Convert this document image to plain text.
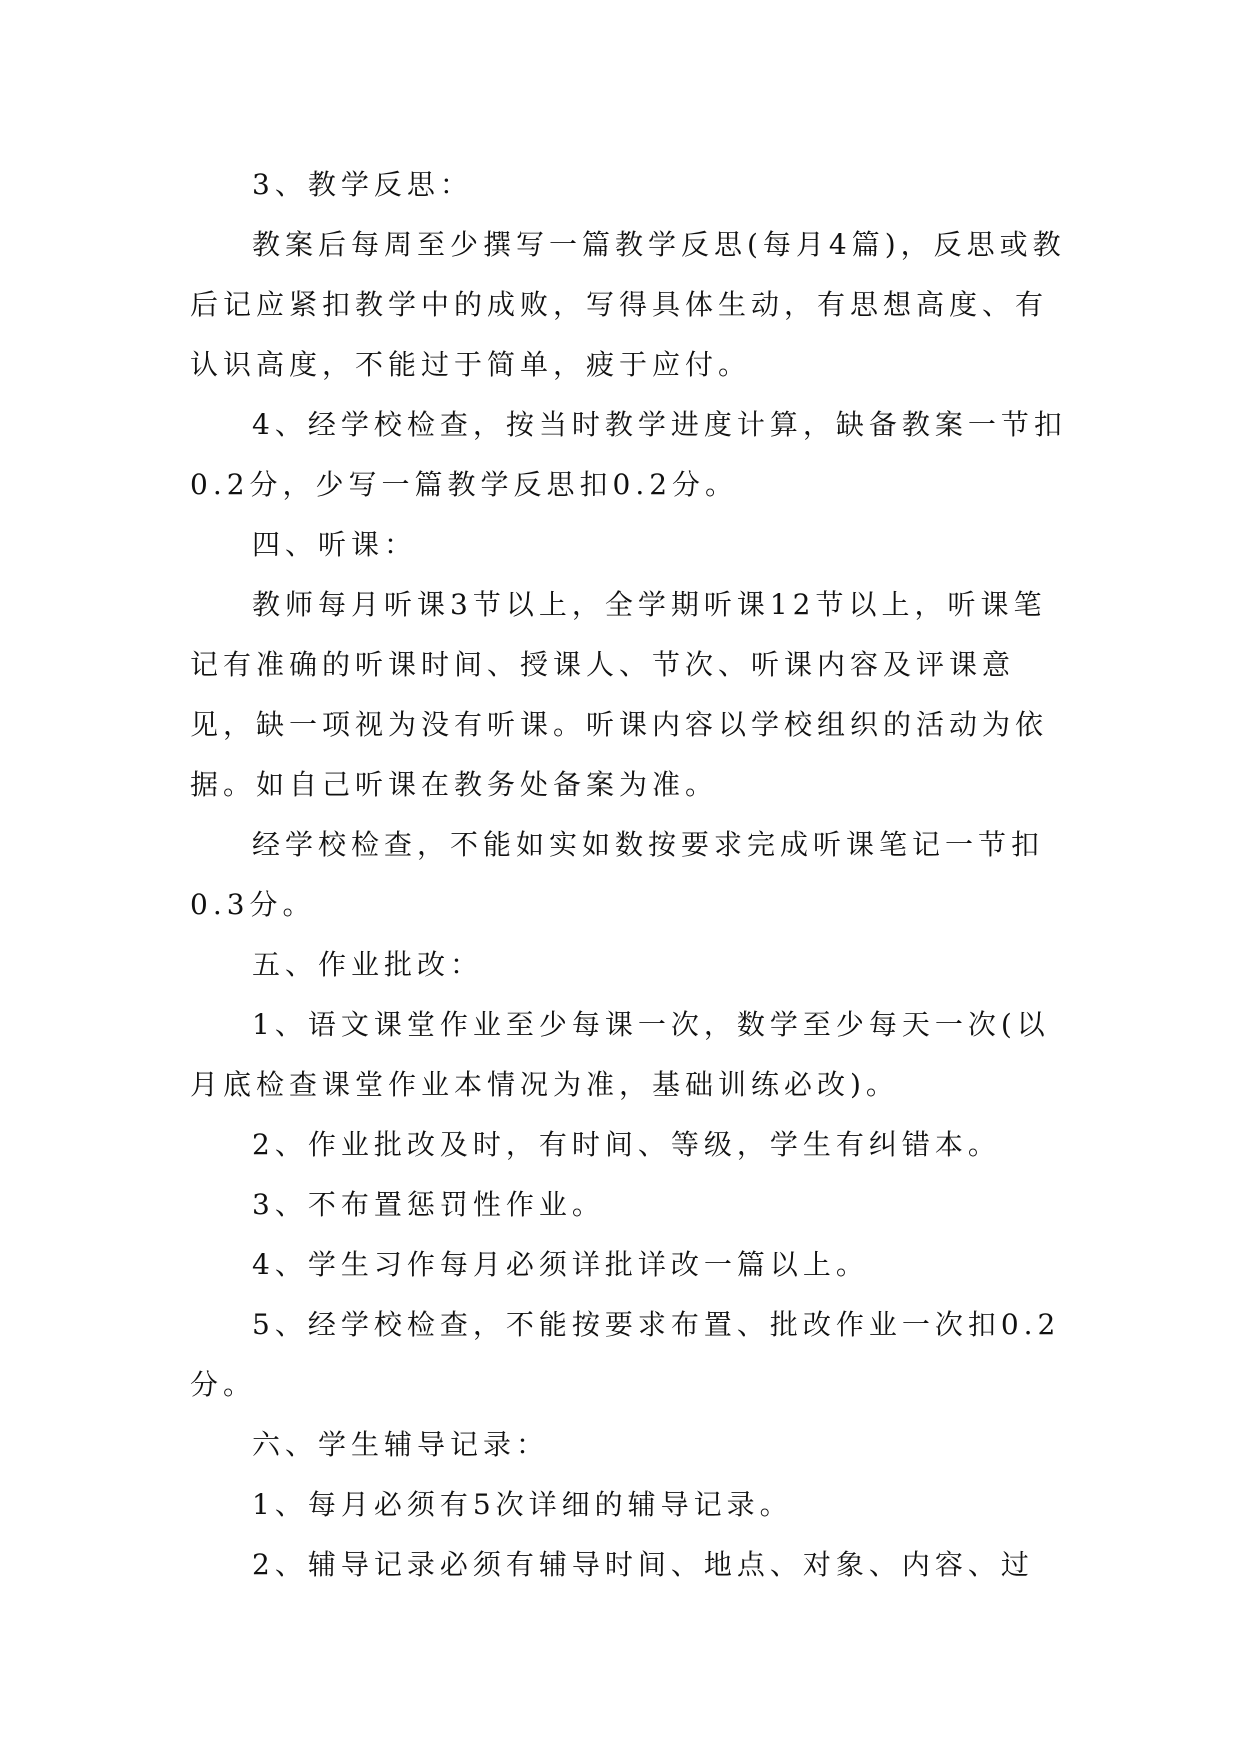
3、教学反思：

教案后每周至少撰写一篇教学反思(每月4篇)，反思或教后记应紧扣教学中的成败，写得具体生动，有思想高度、有认识高度，不能过于简单，疲于应付。

4、经学校检查，按当时教学进度计算，缺备教案一节扣0.2分，少写一篇教学反思扣0.2分。

四、听课：

教师每月听课3节以上，全学期听课12节以上，听课笔记有准确的听课时间、授课人、节次、听课内容及评课意见，缺一项视为没有听课。听课内容以学校组织的活动为依据。如自己听课在教务处备案为准。

经学校检查，不能如实如数按要求完成听课笔记一节扣0.3分。

五、作业批改：

1、语文课堂作业至少每课一次，数学至少每天一次(以月底检查课堂作业本情况为准，基础训练必改)。

2、作业批改及时，有时间、等级，学生有纠错本。

3、不布置惩罚性作业。

4、学生习作每月必须详批详改一篇以上。

5、经学校检查，不能按要求布置、批改作业一次扣0.2分。

六、学生辅导记录：

1、每月必须有5次详细的辅导记录。

2、辅导记录必须有辅导时间、地点、对象、内容、过
